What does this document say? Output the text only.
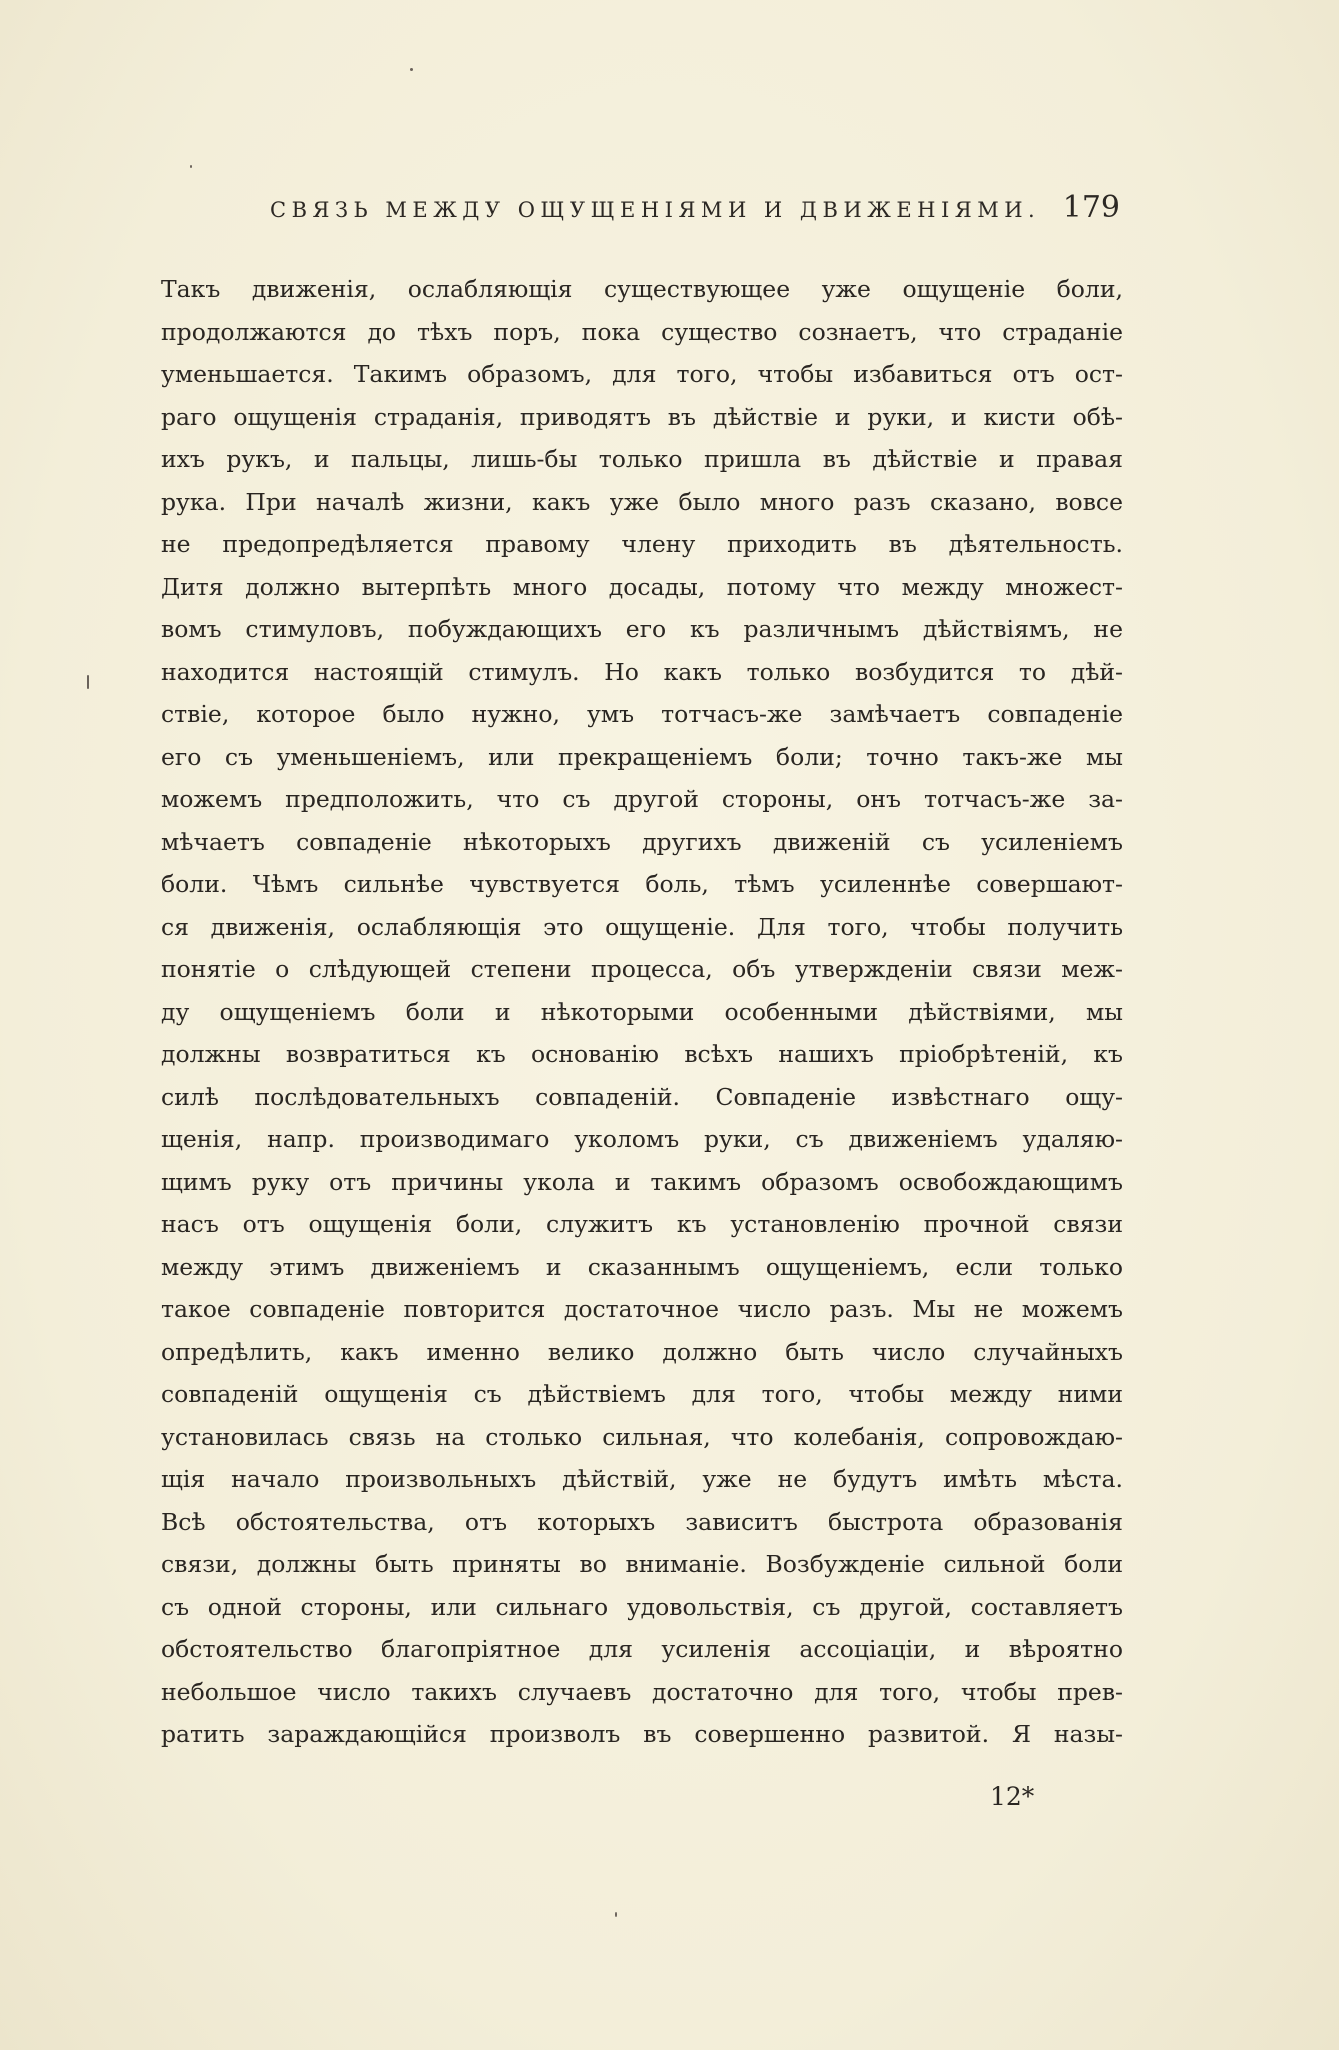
СВЯЗЬ МЕЖДУ ОЩУЩЕНІЯМИ И ДВИЖЕНІЯМИ. 179
Такъ движенія, ослабляющія существующее уже ощущеніе боли,
продолжаются до тѣхъ поръ, пока существо сознаетъ, что страданіе
уменьшается. Такимъ образомъ, для того, чтобы избавиться отъ ост-
раго ощущенія страданія, приводятъ въ дѣйствіе и руки, и кисти обѣ-
ихъ рукъ, и пальцы, лишь-бы только пришла въ дѣйствіе и правая
рука. При началѣ жизни, какъ уже было много разъ сказано, вовсе
не предопредѣляется правому члену приходить въ дѣятельность.
Дитя должно вытерпѣть много досады, потому что между множест-
вомъ стимуловъ, побуждающихъ его къ различнымъ дѣйствіямъ, не
находится настоящій стимулъ. Но какъ только возбудится то дѣй-
ствіе, которое было нужно, умъ тотчасъ-же замѣчаетъ совпаденіе
его съ уменьшеніемъ, или прекращеніемъ боли; точно такъ-же мы
можемъ предположить, что съ другой стороны, онъ тотчасъ-же за-
мѣчаетъ совпаденіе нѣкоторыхъ другихъ движеній съ усиленіемъ
боли. Чѣмъ сильнѣе чувствуется боль, тѣмъ усиленнѣе совершают-
ся движенія, ослабляющія это ощущеніе. Для того, чтобы получить
понятіе о слѣдующей степени процесса, объ утвержденіи связи меж-
ду ощущеніемъ боли и нѣкоторыми особенными дѣйствіями, мы
должны возвратиться къ основанію всѣхъ нашихъ пріобрѣтеній, къ
силѣ послѣдовательныхъ совпаденій. Совпаденіе извѣстнаго ощу-
щенія, напр. производимаго уколомъ руки, съ движеніемъ удаляю-
щимъ руку отъ причины укола и такимъ образомъ освобождающимъ
насъ отъ ощущенія боли, служитъ къ установленію прочной связи
между этимъ движеніемъ и сказаннымъ ощущеніемъ, если только
такое совпаденіе повторится достаточное число разъ. Мы не можемъ
опредѣлить, какъ именно велико должно быть число случайныхъ
совпаденій ощущенія съ дѣйствіемъ для того, чтобы между ними
установилась связь на столько сильная, что колебанія, сопровождаю-
щія начало произвольныхъ дѣйствій, уже не будутъ имѣть мѣста.
Всѣ обстоятельства, отъ которыхъ зависитъ быстрота образованія
связи, должны быть приняты во вниманіе. Возбужденіе сильной боли
съ одной стороны, или сильнаго удовольствія, съ другой, составляетъ
обстоятельство благопріятное для усиленія ассоціаціи, и вѣроятно
небольшое число такихъ случаевъ достаточно для того, чтобы прев-
ратить зараждающійся произволъ въ совершенно развитой. Я назы-
12*
